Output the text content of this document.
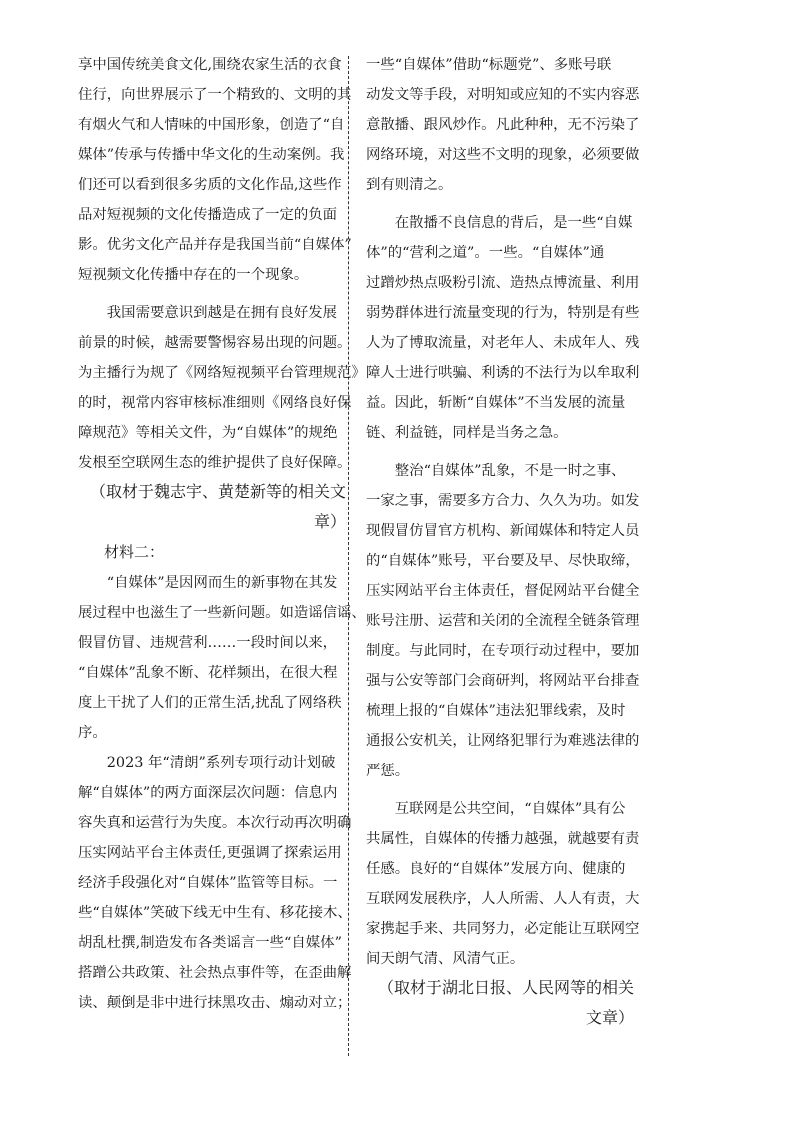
享中国传统美食文化,围绕农家生活的衣食
住行，向世界展示了一个精致的、文明的其
有烟火气和人情味的中国形象，创造了“自
媒体”传承与传播中华文化的生动案例。我
们还可以看到很多劣质的文化作品,这些作
品对短视频的文化传播造成了一定的负面
影。优劣文化产品并存是我国当前“自媒体”
短视频文化传播中存在的一个现象。
　　我国需要意识到越是在拥有良好发展
前景的时候，越需要警惕容易出现的问题。
为主播行为规了《网络短视频平台管理规范》
的时，视常内容审核标准细则《网络良好保
障规范》等相关文件，为“自媒体”的规绝
发根至空联网生态的维护提供了良好保障。
（取材于魏志宇、黄楚新等的相关文
章）
材料二：
　　“自媒体”是因网而生的新事物在其发
展过程中也滋生了一些新问题。如造谣信谣、
假冒仿冒、违规营利……一段时间以来，
“自媒体”乱象不断、花样频出，在很大程
度上干扰了人们的正常生活,扰乱了网络秩
序。
　　2023 年“清朗”系列专项行动计划破
解“自媒体”的两方面深层次问题：信息内
容失真和运营行为失度。本次行动再次明确
压实网站平台主体责任,更强调了探索运用
经济手段强化对“自媒体”监管等目标。一
些“自媒体”笑破下线无中生有、移花接木、
胡乱杜撰,制造发布各类谣言一些“自媒体”
搭蹭公共政策、社会热点事件等，在歪曲解
读、颠倒是非中进行抹黑攻击、煽动对立；
一些“自媒体”借助“标题党”、多账号联
动发文等手段，对明知或应知的不实内容恶
意散播、跟风炒作。凡此种种，无不污染了
网络环境，对这些不文明的现象，必须要做
到有则清之。
　　在散播不良信息的背后，是一些“自媒
体”的“营利之道”。一些。“自媒体”通
过蹭炒热点吸粉引流、造热点博流量、利用
弱势群体进行流量变现的行为，特别是有些
人为了博取流量，对老年人、未成年人、残
障人士进行哄骗、利诱的不法行为以牟取利
益。因此，斩断“自媒体”不当发展的流量
链、利益链，同样是当务之急。
　　整治“自媒体”乱象，不是一时之事、
一家之事，需要多方合力、久久为功。如发
现假冒仿冒官方机构、新闻媒体和特定人员
的“自媒体”账号，平台要及早、尽快取缔，
压实网站平台主体责任，督促网站平台健全
账号注册、运营和关闭的全流程全链条管理
制度。与此同时，在专项行动过程中，要加
强与公安等部门会商研判，将网站平台排查
梳理上报的“自媒体”违法犯罪线索，及时
通报公安机关，让网络犯罪行为难逃法律的
严惩。
　　互联网是公共空间，“自媒体”具有公
共属性，自媒体的传播力越强，就越要有责
任感。良好的“自媒体”发展方向、健康的
互联网发展秩序，人人所需、人人有责，大
家携起手来、共同努力，必定能让互联网空
间天朗气清、风清气正。
（取材于湖北日报、人民网等的相关
文章）
